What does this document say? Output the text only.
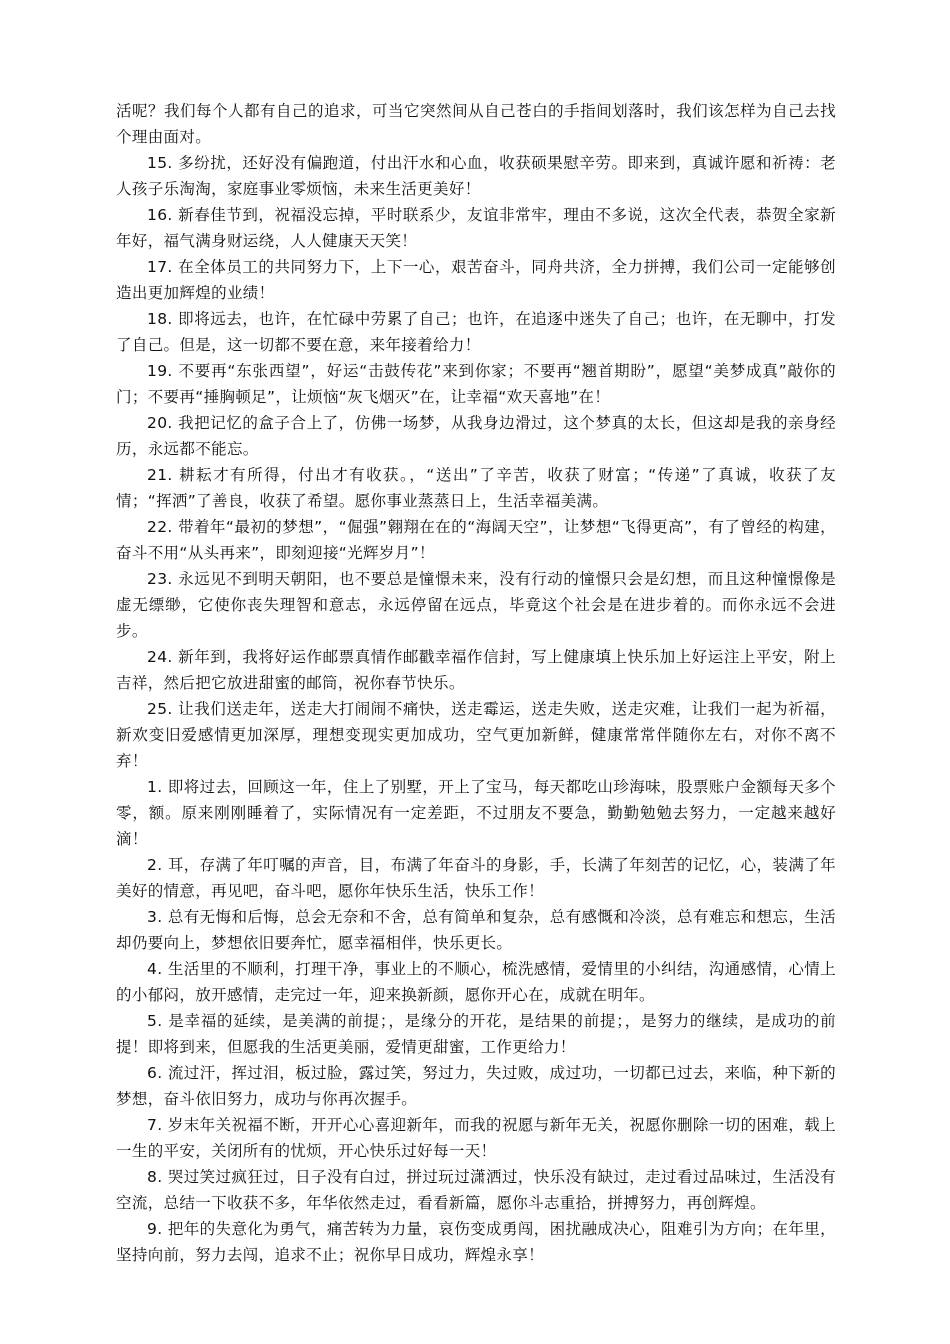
活呢？我们每个人都有自己的追求，可当它突然间从自己苍白的手指间划落时，我们该怎样为自己去找个理由面对。

15. 多纷扰，还好没有偏跑道，付出汗水和心血，收获硕果慰辛劳。即来到，真诚许愿和祈祷：老人孩子乐淘淘，家庭事业零烦恼，未来生活更美好！

16. 新春佳节到，祝福没忘掉，平时联系少，友谊非常牢，理由不多说，这次全代表，恭贺全家新年好，福气满身财运绕，人人健康天天笑！

17. 在全体员工的共同努力下，上下一心，艰苦奋斗，同舟共济，全力拼搏，我们公司一定能够创造出更加辉煌的业绩！

18. 即将远去，也许，在忙碌中劳累了自己；也许，在追逐中迷失了自己；也许，在无聊中，打发了自己。但是，这一切都不要在意，来年接着给力！

19. 不要再“东张西望”，好运“击鼓传花”来到你家；不要再“翘首期盼”，愿望“美梦成真”敲你的门；不要再“捶胸顿足”，让烦恼“灰飞烟灭”在，让幸福“欢天喜地”在！

20. 我把记忆的盒子合上了，仿佛一场梦，从我身边滑过，这个梦真的太长，但这却是我的亲身经历，永远都不能忘。

21. 耕耘才有所得，付出才有收获。，“送出”了辛苦，收获了财富；“传递”了真诚，收获了友情；“挥洒”了善良，收获了希望。愿你事业蒸蒸日上，生活幸福美满。

22. 带着年“最初的梦想”，“倔强”翱翔在在的“海阔天空”，让梦想“飞得更高”，有了曾经的构建，奋斗不用“从头再来”，即刻迎接“光辉岁月”！

23. 永远见不到明天朝阳，也不要总是憧憬未来，没有行动的憧憬只会是幻想，而且这种憧憬像是虚无缥缈，它使你丧失理智和意志，永远停留在远点，毕竟这个社会是在进步着的。而你永远不会进步。

24. 新年到，我将好运作邮票真情作邮戳幸福作信封，写上健康填上快乐加上好运注上平安，附上吉祥，然后把它放进甜蜜的邮筒，祝你春节快乐。

25. 让我们送走年，送走大打闹闹不痛快，送走霉运，送走失败，送走灾难，让我们一起为祈福，新欢变旧爱感情更加深厚，理想变现实更加成功，空气更加新鲜，健康常常伴随你左右，对你不离不弃！

1. 即将过去，回顾这一年，住上了别墅，开上了宝马，每天都吃山珍海味，股票账户金额每天多个零，额。原来刚刚睡着了，实际情况有一定差距，不过朋友不要急，勤勤勉勉去努力，一定越来越好滴！

2. 耳，存满了年叮嘱的声音，目，布满了年奋斗的身影，手，长满了年刻苦的记忆，心，装满了年美好的情意，再见吧，奋斗吧，愿你年快乐生活，快乐工作！

3. 总有无悔和后悔，总会无奈和不舍，总有简单和复杂，总有感慨和冷淡，总有难忘和想忘，生活却仍要向上，梦想依旧要奔忙，愿幸福相伴，快乐更长。

4. 生活里的不顺利，打理干净，事业上的不顺心，梳洗感情，爱情里的小纠结，沟通感情，心情上的小郁闷，放开感情，走完过一年，迎来换新颜，愿你开心在，成就在明年。

5. 是幸福的延续，是美满的前提；，是缘分的开花，是结果的前提；，是努力的继续，是成功的前提！即将到来，但愿我的生活更美丽，爱情更甜蜜，工作更给力！

6. 流过汗，挥过泪，板过脸，露过笑，努过力，失过败，成过功，一切都已过去，来临，种下新的梦想，奋斗依旧努力，成功与你再次握手。

7. 岁末年关祝福不断，开开心心喜迎新年，而我的祝愿与新年无关，祝愿你删除一切的困难，载上一生的平安，关闭所有的忧烦，开心快乐过好每一天！

8. 哭过笑过疯狂过，日子没有白过，拼过玩过潇洒过，快乐没有缺过，走过看过品味过，生活没有空流，总结一下收获不多，年华依然走过，看看新篇，愿你斗志重拾，拼搏努力，再创辉煌。

9. 把年的失意化为勇气，痛苦转为力量，哀伤变成勇闯，困扰融成决心，阻难引为方向；在年里，坚持向前，努力去闯，追求不止；祝你早日成功，辉煌永享！
